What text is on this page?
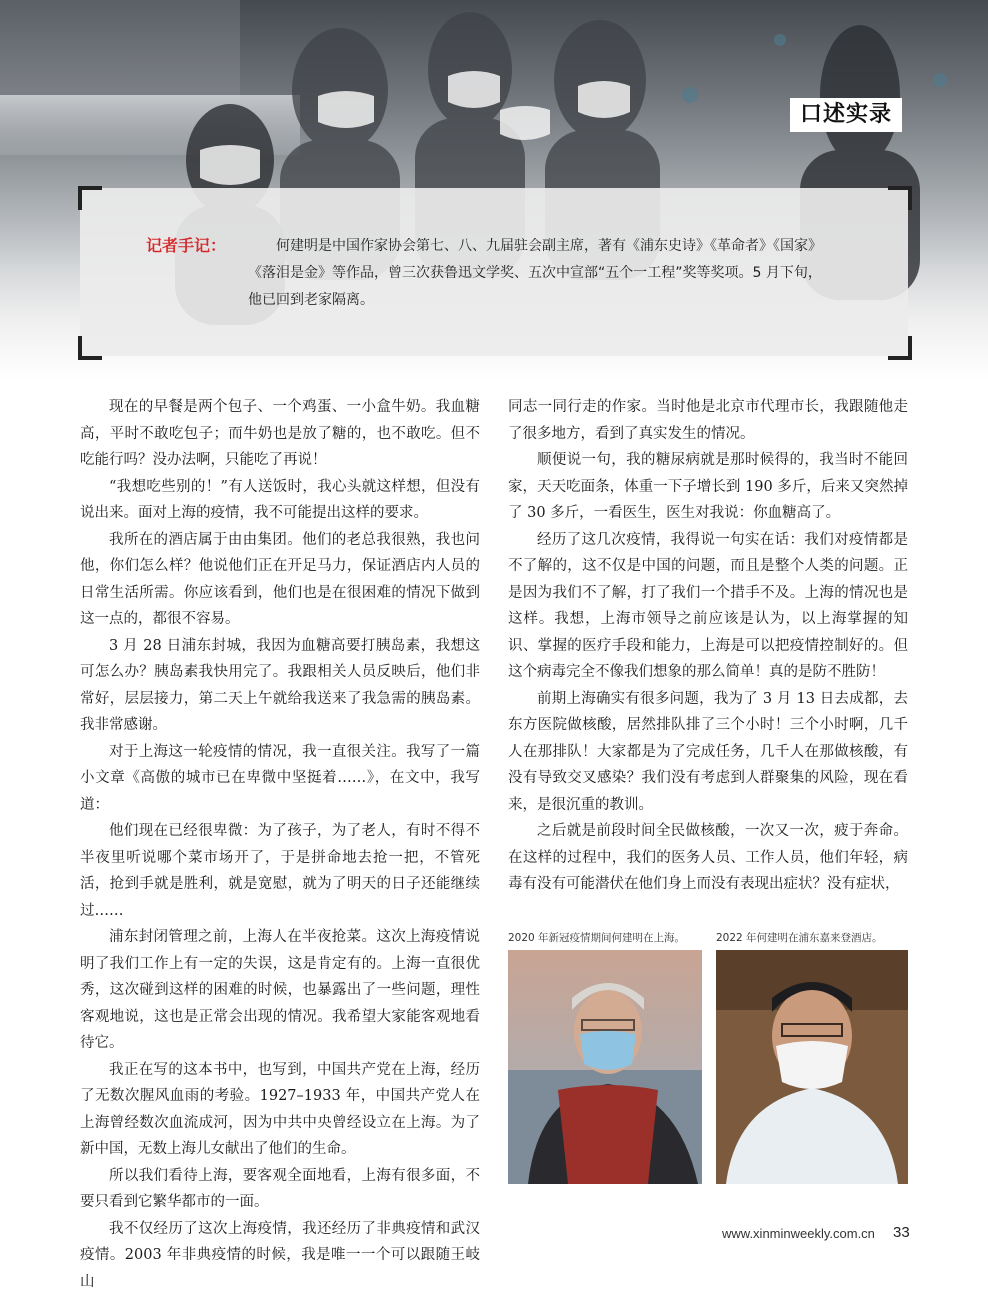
口述实录
记者手记：	何建明是中国作家协会第七、八、九届驻会副主席，著有《浦东史诗》《革命者》《国家》
《落泪是金》等作品，曾三次获鲁迅文学奖、五次中宣部“五个一工程”奖等奖项。5 月下旬，
他已回到老家隔离。

现在的早餐是两个包子、一个鸡蛋、一小盒牛奶。我血糖高，平时不敢吃包子；而牛奶也是放了糖的，也不敢吃。但不吃能行吗？没办法啊，只能吃了再说！

“我想吃些别的！”有人送饭时，我心头就这样想，但没有说出来。面对上海的疫情，我不可能提出这样的要求。

我所在的酒店属于由由集团。他们的老总我很熟，我也问他，你们怎么样？他说他们正在开足马力，保证酒店内人员的日常生活所需。你应该看到，他们也是在很困难的情况下做到这一点的，都很不容易。

3 月 28 日浦东封城，我因为血糖高要打胰岛素，我想这可怎么办？胰岛素我快用完了。我跟相关人员反映后，他们非常好，层层接力，第二天上午就给我送来了我急需的胰岛素。我非常感谢。

对于上海这一轮疫情的情况，我一直很关注。我写了一篇小文章《高傲的城市已在卑微中坚挺着……》，在文中，我写道：

他们现在已经很卑微：为了孩子，为了老人，有时不得不半夜里听说哪个菜市场开了，于是拼命地去抢一把，不管死活，抢到手就是胜利，就是宽慰，就为了明天的日子还能继续过……

浦东封闭管理之前，上海人在半夜抢菜。这次上海疫情说明了我们工作上有一定的失误，这是肯定有的。上海一直很优秀，这次碰到这样的困难的时候，也暴露出了一些问题，理性客观地说，这也是正常会出现的情况。我希望大家能客观地看待它。

我正在写的这本书中，也写到，中国共产党在上海，经历了无数次腥风血雨的考验。1927–1933 年，中国共产党人在上海曾经数次血流成河，因为中共中央曾经设立在上海。为了新中国，无数上海儿女献出了他们的生命。

所以我们看待上海，要客观全面地看，上海有很多面，不要只看到它繁华都市的一面。

我不仅经历了这次上海疫情，我还经历了非典疫情和武汉疫情。2003 年非典疫情的时候，我是唯一一个可以跟随王岐山

同志一同行走的作家。当时他是北京市代理市长，我跟随他走了很多地方，看到了真实发生的情况。

顺便说一句，我的糖尿病就是那时候得的，我当时不能回家，天天吃面条，体重一下子增长到 190 多斤，后来又突然掉了 30 多斤，一看医生，医生对我说：你血糖高了。

经历了这几次疫情，我得说一句实在话：我们对疫情都是不了解的，这不仅是中国的问题，而且是整个人类的问题。正是因为我们不了解，打了我们一个措手不及。上海的情况也是这样。我想，上海市领导之前应该是认为，以上海掌握的知识、掌握的医疗手段和能力，上海是可以把疫情控制好的。但这个病毒完全不像我们想象的那么简单！真的是防不胜防！

前期上海确实有很多问题，我为了 3 月 13 日去成都，去东方医院做核酸，居然排队排了三个小时！三个小时啊，几千人在那排队！大家都是为了完成任务，几千人在那做核酸，有没有导致交叉感染？我们没有考虑到人群聚集的风险，现在看来，是很沉重的教训。

之后就是前段时间全民做核酸，一次又一次，疲于奔命。在这样的过程中，我们的医务人员、工作人员，他们年轻，病毒有没有可能潜伏在他们身上而没有表现出症状？没有症状，

2020 年新冠疫情期间何建明在上海。	2022 年何建明在浦东嘉来登酒店。
www.xinminweekly.com.cn 33
